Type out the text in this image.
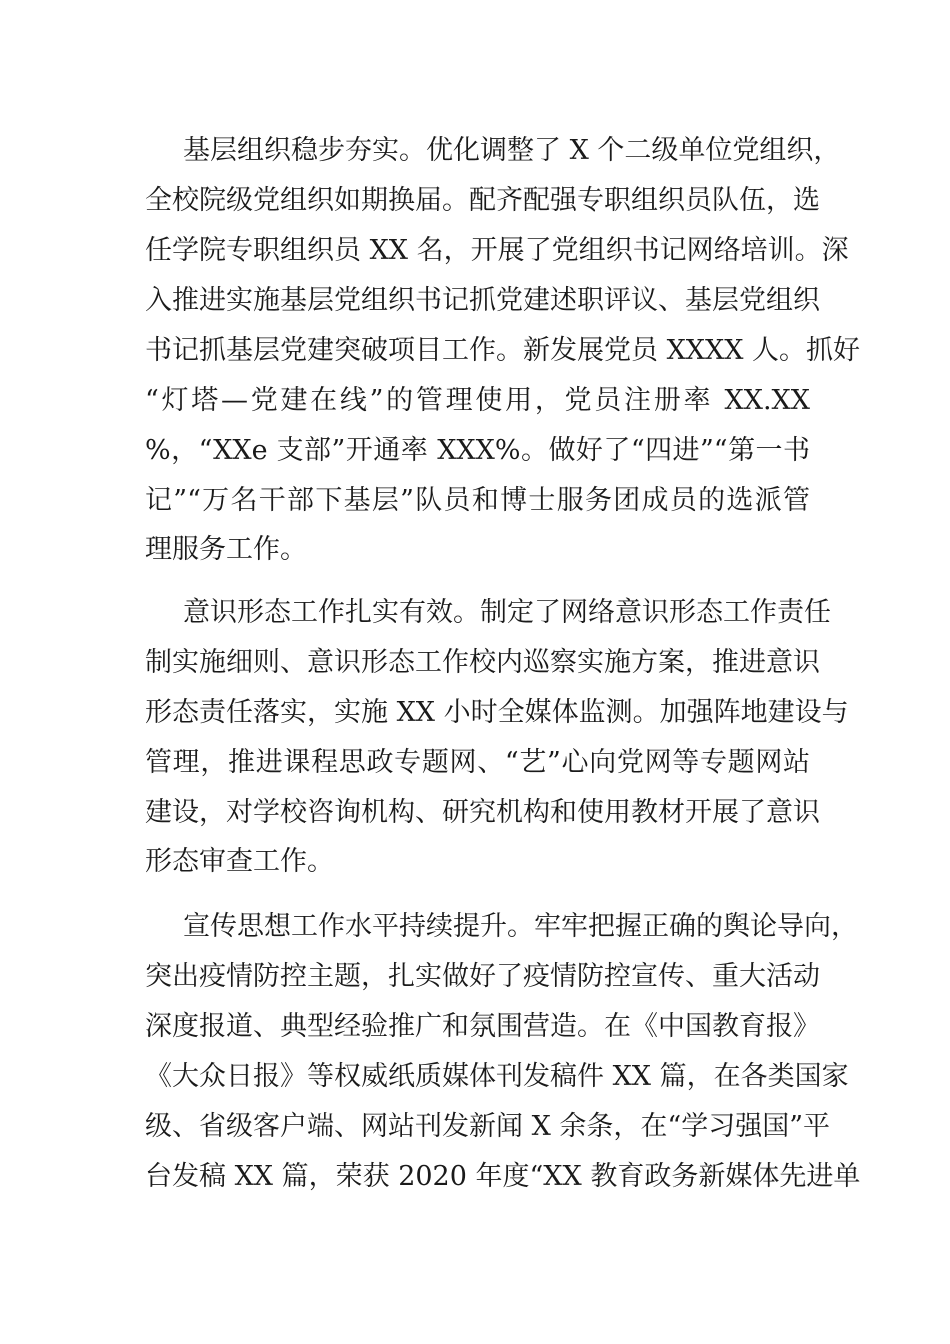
基层组织稳步夯实。优化调整了 X 个二级单位党组织，
全校院级党组织如期换届。配齐配强专职组织员队伍，选
任学院专职组织员 XX 名，开展了党组织书记网络培训。深
入推进实施基层党组织书记抓党建述职评议、基层党组织
书记抓基层党建突破项目工作。新发展党员 XXXX 人。抓好
“灯塔—党建在线”的管理使用，党员注册率 XX.XX
%，“XXe 支部”开通率 XXX%。做好了“四进”“第一书
记”“万名干部下基层”队员和博士服务团成员的选派管
理服务工作。
意识形态工作扎实有效。制定了网络意识形态工作责任
制实施细则、意识形态工作校内巡察实施方案，推进意识
形态责任落实，实施 XX 小时全媒体监测。加强阵地建设与
管理，推进课程思政专题网、“艺”心向党网等专题网站
建设，对学校咨询机构、研究机构和使用教材开展了意识
形态审查工作。
宣传思想工作水平持续提升。牢牢把握正确的舆论导向，
突出疫情防控主题，扎实做好了疫情防控宣传、重大活动
深度报道、典型经验推广和氛围营造。在《中国教育报》
《大众日报》等权威纸质媒体刊发稿件 XX 篇，在各类国家
级、省级客户端、网站刊发新闻 X 余条，在“学习强国”平
台发稿 XX 篇，荣获 2020 年度“XX 教育政务新媒体先进单
